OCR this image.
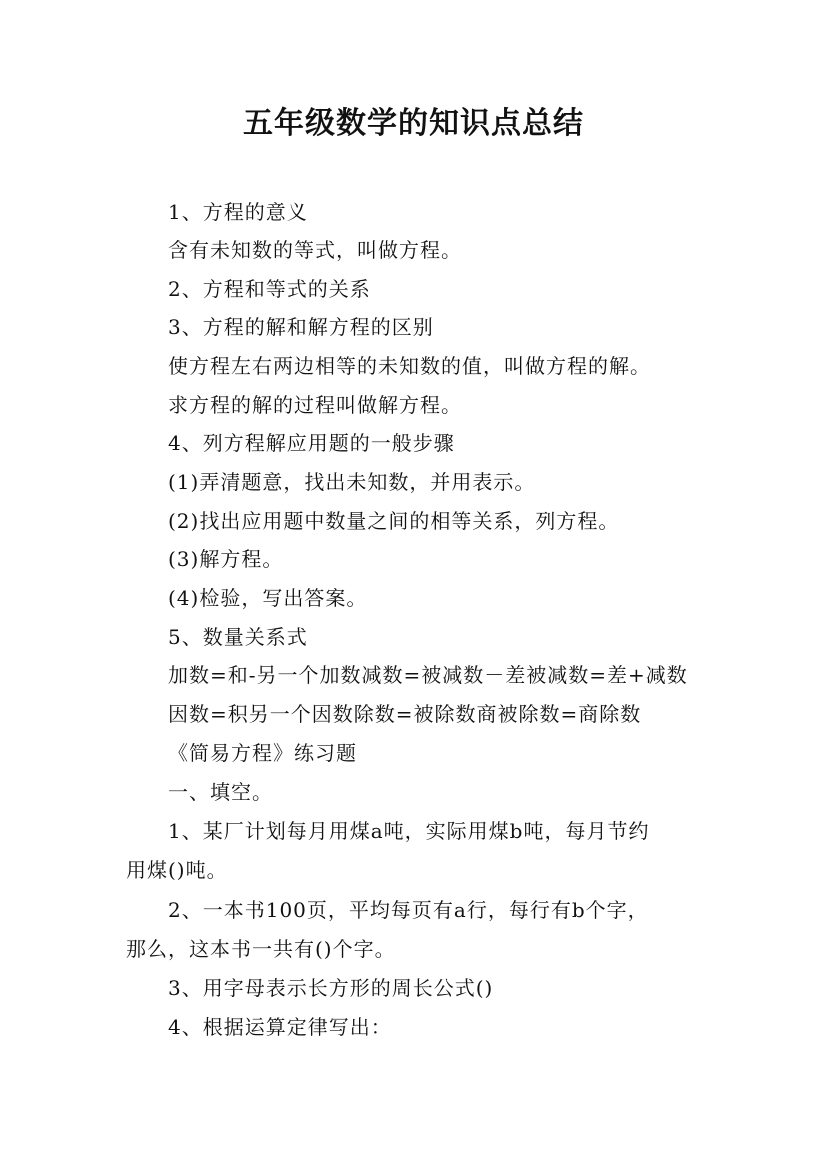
五年级数学的知识点总结
1、方程的意义
含有未知数的等式，叫做方程。
2、方程和等式的关系
3、方程的解和解方程的区别
使方程左右两边相等的未知数的值，叫做方程的解。
求方程的解的过程叫做解方程。
4、列方程解应用题的一般步骤
(1)弄清题意，找出未知数，并用表示。
(2)找出应用题中数量之间的相等关系，列方程。
(3)解方程。
(4)检验，写出答案。
5、数量关系式
加数=和-另一个加数减数=被减数－差被减数=差+减数
因数=积另一个因数除数=被除数商被除数=商除数
《简易方程》练习题
一、填空。
1、某厂计划每月用煤a吨，实际用煤b吨，每月节约
用煤()吨。
2、一本书100页，平均每页有a行，每行有b个字，
那么，这本书一共有()个字。
3、用字母表示长方形的周长公式()
4、根据运算定律写出：
